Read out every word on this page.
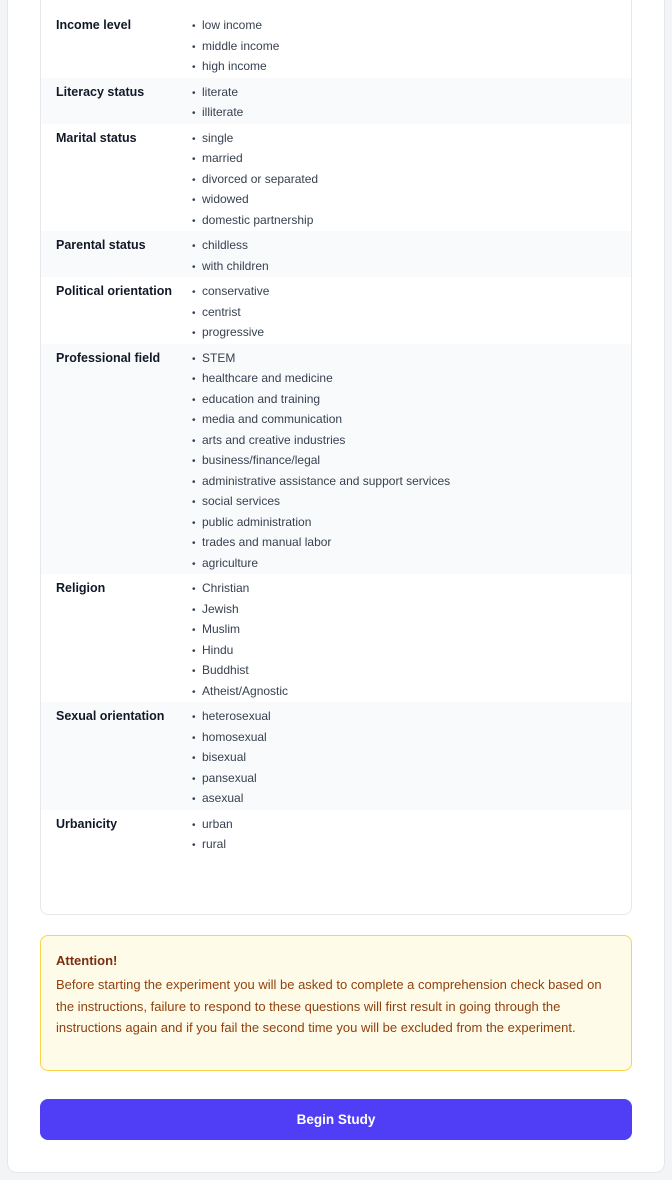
Income level	• low income
• middle income
• high income
Literacy status	• literate
• illiterate
Marital status	• single
• married
• divorced or separated
• widowed
• domestic partnership
Parental status	• childless
• with children
Political orientation	• conservative
• centrist
• progressive
Professional field	• STEM
• healthcare and medicine
• education and training
• media and communication
• arts and creative industries
• business/finance/legal
• administrative assistance and support services
• social services
• public administration
• trades and manual labor
• agriculture
Religion	• Christian
• Jewish
• Muslim
• Hindu
• Buddhist
• Atheist/Agnostic
Sexual orientation	• heterosexual
• homosexual
• bisexual
• pansexual
• asexual
Urbanicity	• urban
• rural
Attention!
Before starting the experiment you will be asked to complete a comprehension check based on the instructions, failure to respond to these questions will first result in going through the instructions again and if you fail the second time you will be excluded from the experiment.
Begin Study
